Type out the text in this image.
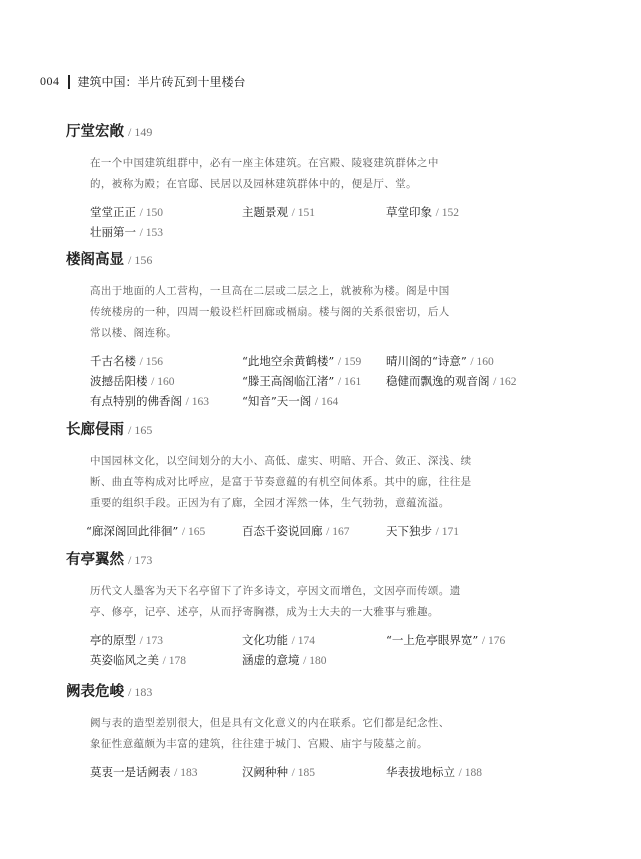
004 建筑中国：半片砖瓦到十里楼台
厅堂宏敞 / 149
在一个中国建筑组群中，必有一座主体建筑。在宫殿、陵寝建筑群体之中
的，被称为殿；在官邸、民居以及园林建筑群体中的，便是厅、堂。
堂堂正正 / 150	主题景观 / 151	草堂印象 / 152
壮丽第一 / 153
楼阁高显 / 156
高出于地面的人工营构，一旦高在二层或二层之上，就被称为楼。阁是中国
传统楼房的一种，四周一般设栏杆回廊或槅扇。楼与阁的关系很密切，后人
常以楼、阁连称。
千古名楼 / 156	“此地空余黄鹤楼” / 159	晴川阁的“诗意” / 160
波撼岳阳楼 / 160	“滕王高阁临江渚” / 161	稳健而飘逸的观音阁 / 162
有点特别的佛香阁 / 163	“知音”天一阁 / 164
长廊侵雨 / 165
中国园林文化，以空间划分的大小、高低、虚实、明暗、开合、敛正、深浅、续
断、曲直等构成对比呼应，是富于节奏意蕴的有机空间体系。其中的廊，往往是
重要的组织手段。正因为有了廊，全园才浑然一体，生气勃勃，意蕴流溢。
“廊深阁回此徘徊” / 165	百态千姿说回廊 / 167	天下独步 / 171
有亭翼然 / 173
历代文人墨客为天下名亭留下了许多诗文，亭因文而增色，文因亭而传颂。遗
亭、修亭，记亭、述亭，从而抒寄胸襟，成为士大夫的一大雅事与雅趣。
亭的原型 / 173	文化功能 / 174	“一上危亭眼界宽” / 176
英姿临风之美 / 178	涵虚的意境 / 180
阙表危峻 / 183
阙与表的造型差别很大，但是具有文化意义的内在联系。它们都是纪念性、
象征性意蕴颇为丰富的建筑，往往建于城门、宫殿、庙宇与陵墓之前。
莫衷一是话阙表 / 183	汉阙种种 / 185	华表拔地标立 / 188
